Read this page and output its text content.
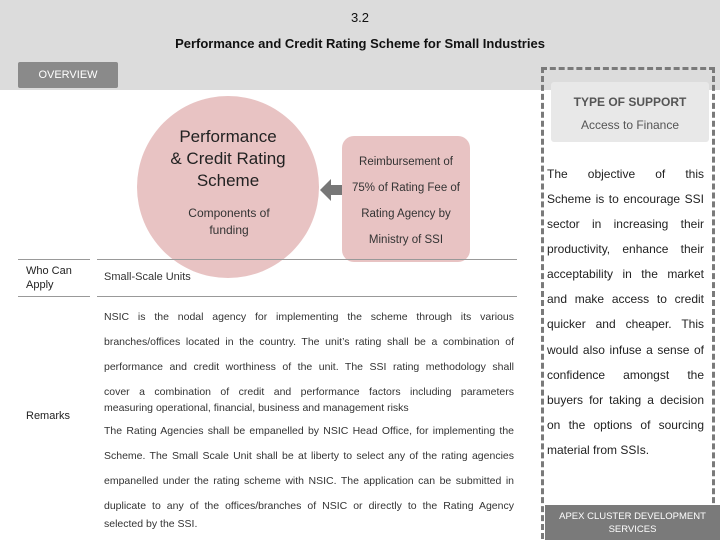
3.2
Performance and Credit Rating Scheme for Small Industries
OVERVIEW
Performance
& Credit Rating
Scheme
Components of
funding
Reimbursement of
75% of Rating Fee of
Rating Agency by
Ministry of SSI
Who Can
Apply
Small-Scale Units
Remarks
NSIC is the nodal agency for implementing the scheme through its various
branches/offices located in the country. The unit’s rating shall be a combination of
performance and credit worthiness of the unit. The SSI rating methodology shall
cover a combination of credit and performance factors including parameters
measuring operational, financial, business and management risks
The Rating Agencies shall be empanelled by NSIC Head Office, for implementing the
Scheme. The Small Scale Unit shall be at liberty to select any of the rating agencies
empanelled under the rating scheme with NSIC. The application can be submitted in
duplicate to any of the offices/branches of NSIC or directly to the Rating Agency
selected by the SSI.
TYPE OF SUPPORT
Access to Finance
The objective of this
Scheme is to encourage SSI
sector in increasing their
productivity, enhance their
acceptability in the market
and make access to credit
quicker and cheaper. This
would also infuse a sense of
confidence amongst the
buyers for taking a decision
on the options of sourcing
material from SSIs.
APEX CLUSTER DEVELOPMENT
SERVICES
